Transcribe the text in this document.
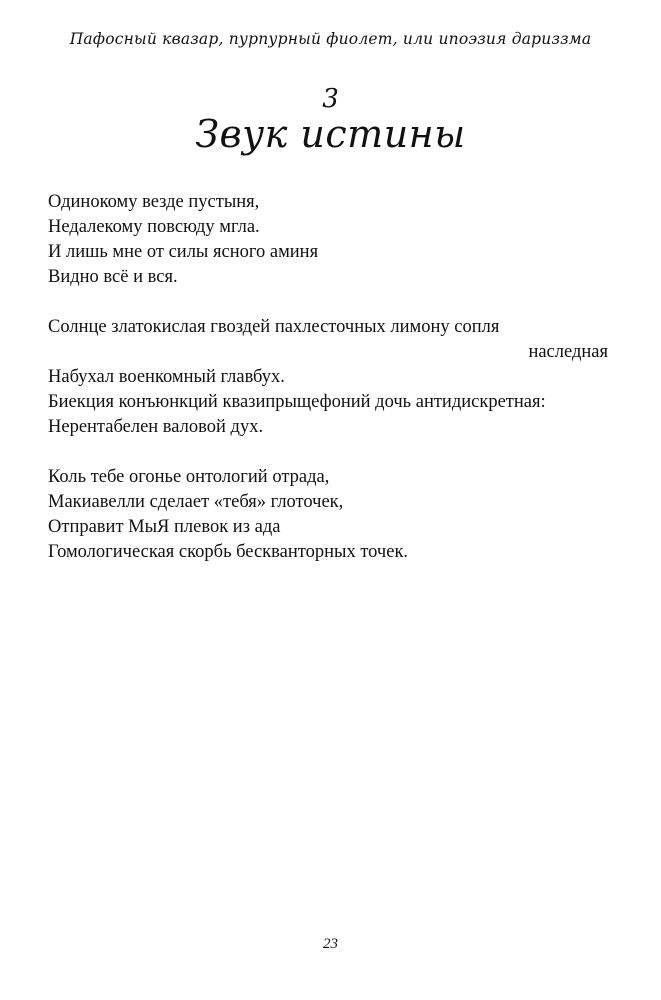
Пафосный квазар, пурпурный фиолет, или ипоэзия дариззма
3
Звук истины
Одинокому везде пустыня,
Недалекому повсюду мгла.
И лишь мне от силы ясного аминя
Видно всё и вся.
Солнце златокислая гвоздей пахлесточных лимону сопля
наследная
Набухал военкомный главбух.
Биекция конъюнкций квазипрыщефоний дочь антидискретная:
Нерентабелен валовой дух.
Коль тебе огонье онтологий отрада,
Макиавелли сделает «тебя» глоточек,
Отправит МыЯ плевок из ада
Гомологическая скорбь бескванторных точек.
23
